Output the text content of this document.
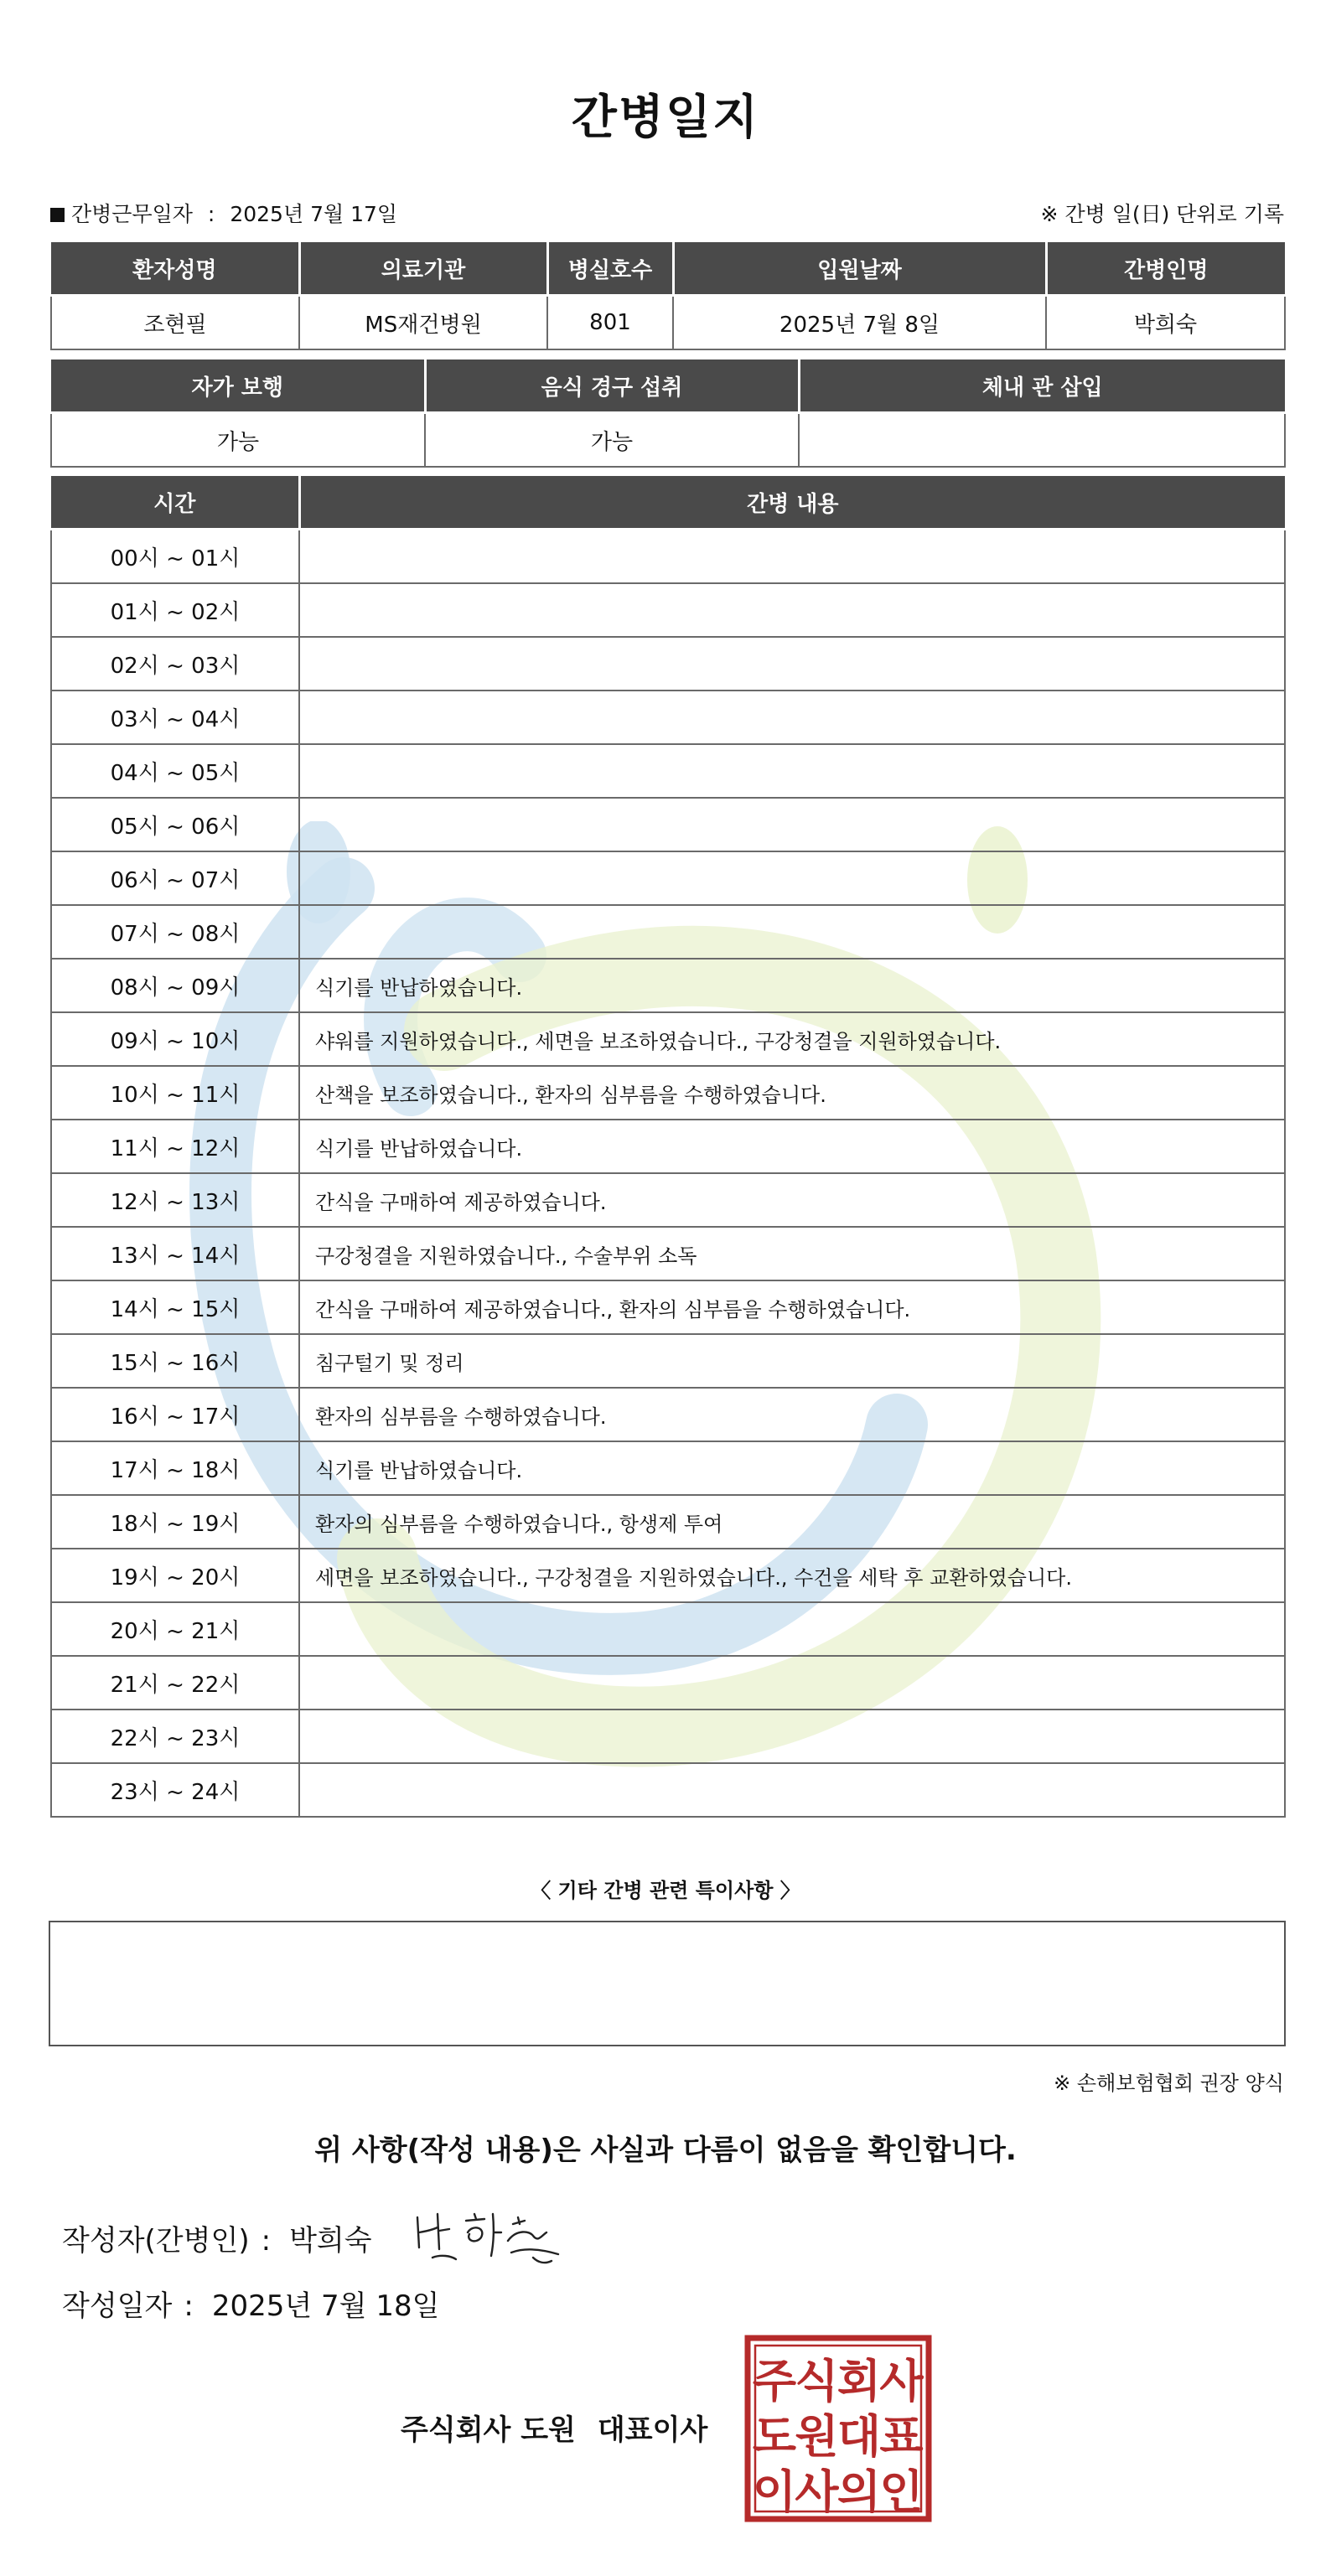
간병일지
간병근무일자 : 2025년 7월 17일	※ 간병 일(日) 단위로 기록
환자성명	의료기관	병실호수	입원날짜	간병인명
조현필	MS재건병원	801	2025년 7월 8일	박희숙
자가 보행	음식 경구 섭취	체내 관 삽입
가능	가능	
시간	간병 내용
00시 ~ 01시	
01시 ~ 02시	
02시 ~ 03시	
03시 ~ 04시	
04시 ~ 05시	
05시 ~ 06시	
06시 ~ 07시	
07시 ~ 08시	
08시 ~ 09시	식기를 반납하였습니다.
09시 ~ 10시	샤워를 지원하였습니다., 세면을 보조하였습니다., 구강청결을 지원하였습니다.
10시 ~ 11시	산책을 보조하였습니다., 환자의 심부름을 수행하였습니다.
11시 ~ 12시	식기를 반납하였습니다.
12시 ~ 13시	간식을 구매하여 제공하였습니다.
13시 ~ 14시	구강청결을 지원하였습니다., 수술부위 소독
14시 ~ 15시	간식을 구매하여 제공하였습니다., 환자의 심부름을 수행하였습니다.
15시 ~ 16시	침구털기 및 정리
16시 ~ 17시	환자의 심부름을 수행하였습니다.
17시 ~ 18시	식기를 반납하였습니다.
18시 ~ 19시	환자의 심부름을 수행하였습니다., 항생제 투여
19시 ~ 20시	세면을 보조하였습니다., 구강청결을 지원하였습니다., 수건을 세탁 후 교환하였습니다.
20시 ~ 21시	
21시 ~ 22시	
22시 ~ 23시	
23시 ~ 24시	
〈 기타 간병 관련 특이사항 〉
※ 손해보험협회 권장 양식
위 사항(작성 내용)은 사실과 다름이 없음을 확인합니다.
작성자(간병인) : 박희숙
작성일자 : 2025년 7월 18일
주식회사 도원 대표이사
주
식
회
사
도
원
대
표
이
사
의
인
